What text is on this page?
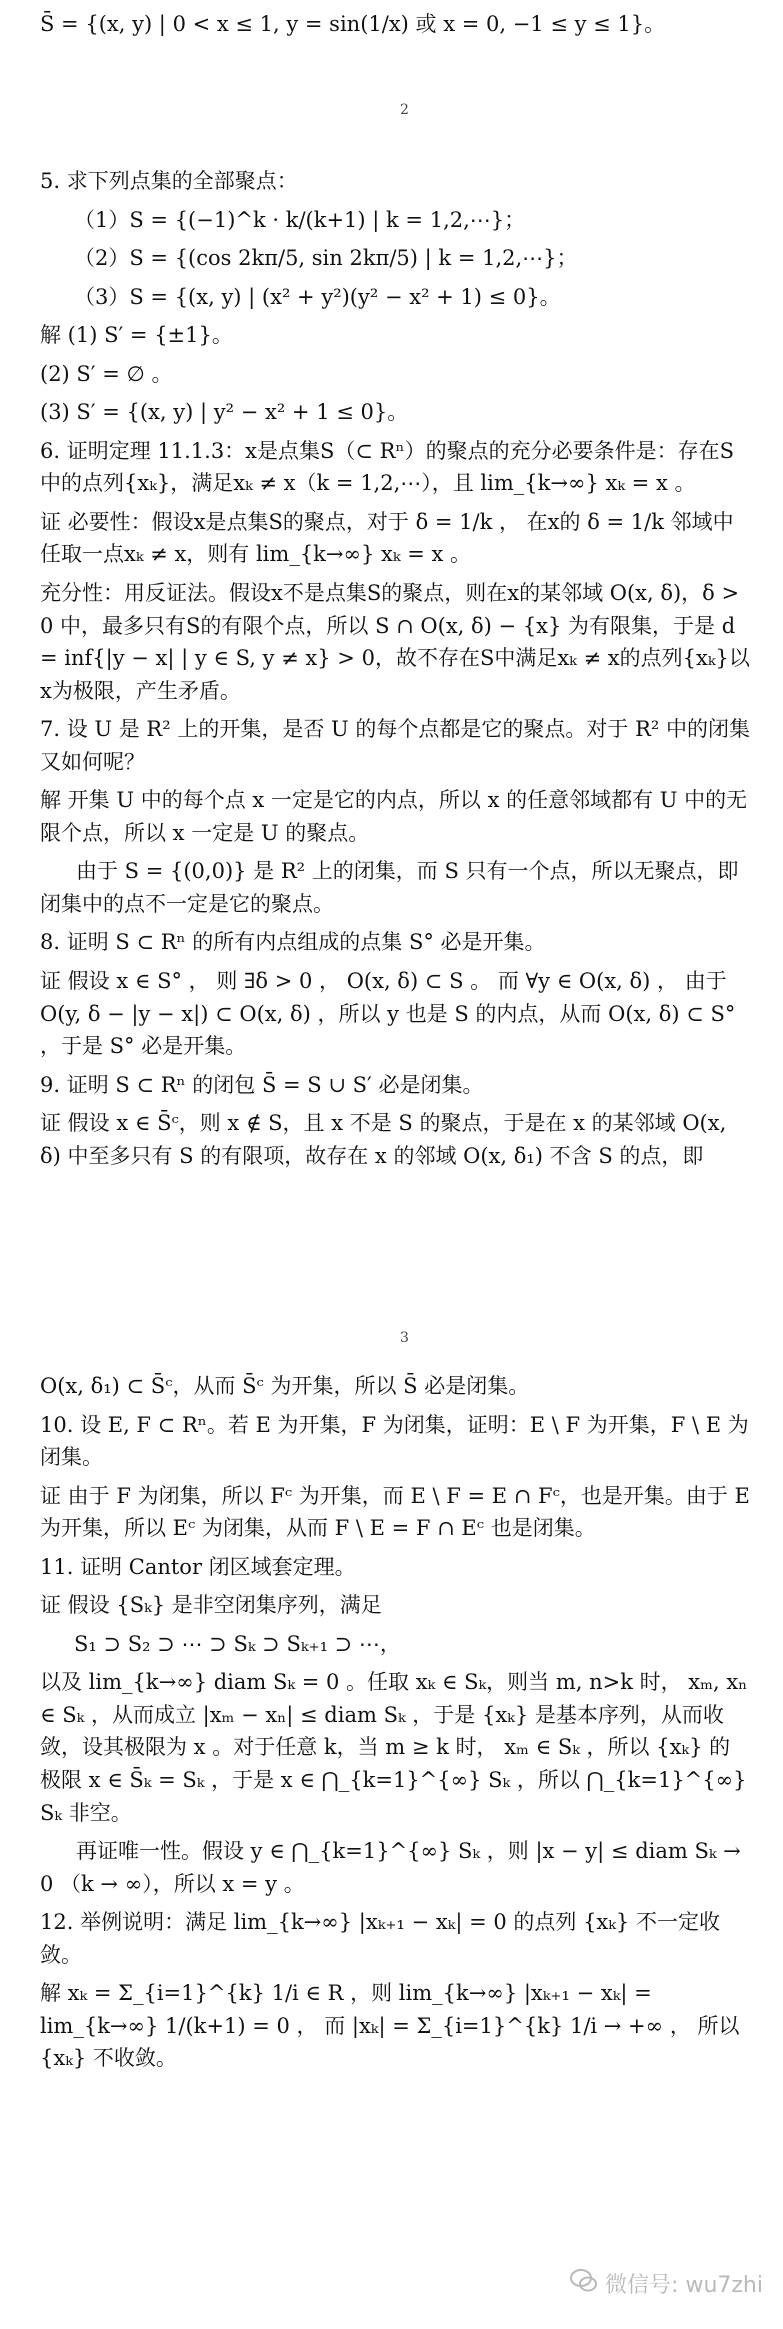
S̄ = {(x, y) | 0 < x ≤ 1, y = sin(1/x) 或 x = 0, −1 ≤ y ≤ 1}。

2

5. 求下列点集的全部聚点：

（1）S = {(−1)^k · k/(k+1) | k = 1,2,⋯}；

（2）S = {(cos 2kπ/5, sin 2kπ/5) | k = 1,2,⋯}；

（3）S = {(x, y) | (x² + y²)(y² − x² + 1) ≤ 0}。

解 (1) S′ = {±1}。

(2) S′ = ∅ 。

(3) S′ = {(x, y) | y² − x² + 1 ≤ 0}。

6. 证明定理 11.1.3：x是点集S（⊂ Rⁿ）的聚点的充分必要条件是：存在S中的点列{xₖ}，满足xₖ ≠ x（k = 1,2,⋯），且 lim_{k→∞} xₖ = x 。

证 必要性：假设x是点集S的聚点，对于 δ = 1/k ， 在x的 δ = 1/k 邻域中任取一点xₖ ≠ x，则有 lim_{k→∞} xₖ = x 。

充分性：用反证法。假设x不是点集S的聚点，则在x的某邻域 O(x, δ)，δ > 0 中，最多只有S的有限个点，所以 S ∩ O(x, δ) − {x} 为有限集，于是 d = inf{|y − x| | y ∈ S, y ≠ x} > 0，故不存在S中满足xₖ ≠ x的点列{xₖ}以x为极限，产生矛盾。

7. 设 U 是 R² 上的开集，是否 U 的每个点都是它的聚点。对于 R² 中的闭集又如何呢？

解 开集 U 中的每个点 x 一定是它的内点，所以 x 的任意邻域都有 U 中的无限个点，所以 x 一定是 U 的聚点。

由于 S = {(0,0)} 是 R² 上的闭集，而 S 只有一个点，所以无聚点，即闭集中的点不一定是它的聚点。

8. 证明 S ⊂ Rⁿ 的所有内点组成的点集 S° 必是开集。

证 假设 x ∈ S° ， 则 ∃δ > 0 ， O(x, δ) ⊂ S 。 而 ∀y ∈ O(x, δ) ， 由于 O(y, δ − |y − x|) ⊂ O(x, δ) ，所以 y 也是 S 的内点，从而 O(x, δ) ⊂ S° ，于是 S° 必是开集。

9. 证明 S ⊂ Rⁿ 的闭包 S̄ = S ∪ S′ 必是闭集。

证 假设 x ∈ S̄ᶜ，则 x ∉ S，且 x 不是 S 的聚点，于是在 x 的某邻域 O(x, δ) 中至多只有 S 的有限项，故存在 x 的邻域 O(x, δ₁) 不含 S 的点，即

3

O(x, δ₁) ⊂ S̄ᶜ，从而 S̄ᶜ 为开集，所以 S̄ 必是闭集。

10. 设 E, F ⊂ Rⁿ。若 E 为开集，F 为闭集，证明：E \ F 为开集，F \ E 为闭集。

证 由于 F 为闭集，所以 Fᶜ 为开集，而 E \ F = E ∩ Fᶜ，也是开集。由于 E 为开集，所以 Eᶜ 为闭集，从而 F \ E = F ∩ Eᶜ 也是闭集。

11. 证明 Cantor 闭区域套定理。

证 假设 {Sₖ} 是非空闭集序列，满足

S₁ ⊃ S₂ ⊃ ⋯ ⊃ Sₖ ⊃ Sₖ₊₁ ⊃ ⋯，

以及 lim_{k→∞} diam Sₖ = 0 。任取 xₖ ∈ Sₖ，则当 m, n>k 时， xₘ, xₙ ∈ Sₖ ，从而成立 |xₘ − xₙ| ≤ diam Sₖ ，于是 {xₖ} 是基本序列，从而收敛，设其极限为 x 。对于任意 k，当 m ≥ k 时， xₘ ∈ Sₖ ，所以 {xₖ} 的极限 x ∈ S̄ₖ = Sₖ ，于是 x ∈ ⋂_{k=1}^{∞} Sₖ ，所以 ⋂_{k=1}^{∞} Sₖ 非空。

再证唯一性。假设 y ∈ ⋂_{k=1}^{∞} Sₖ ，则 |x − y| ≤ diam Sₖ → 0 （k → ∞），所以 x = y 。

12. 举例说明：满足 lim_{k→∞} |xₖ₊₁ − xₖ| = 0 的点列 {xₖ} 不一定收敛。

解 xₖ = Σ_{i=1}^{k} 1/i ∈ R ，则 lim_{k→∞} |xₖ₊₁ − xₖ| = lim_{k→∞} 1/(k+1) = 0 ， 而 |xₖ| = Σ_{i=1}^{k} 1/i → +∞ ， 所以 {xₖ} 不收敛。

微信号: wu7zhi
